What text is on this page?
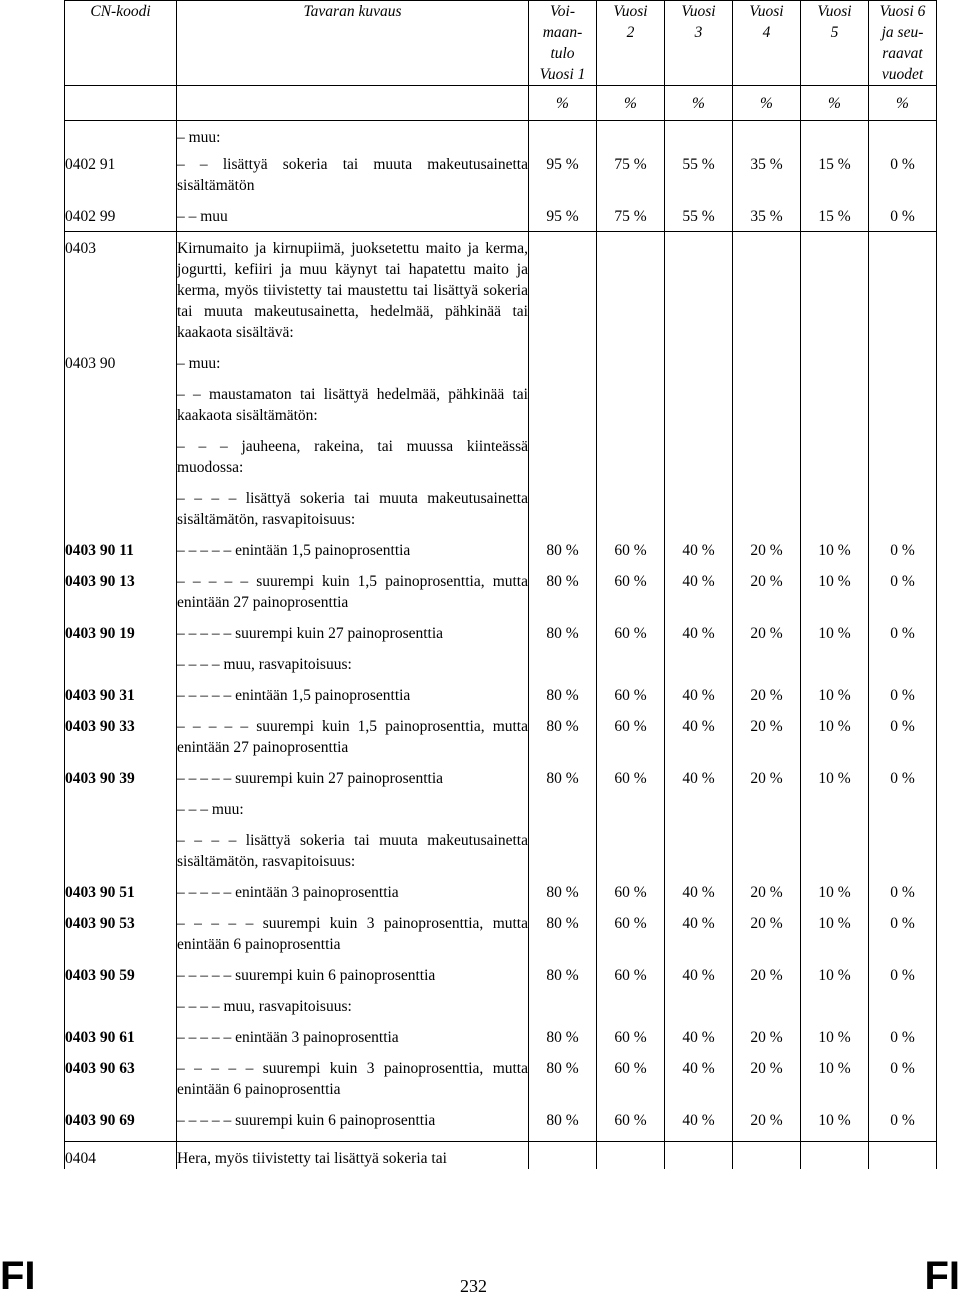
CN-koodi	Tavaran kuvaus	Voi-maan-tulo Vuosi 1	Vuosi 2	Vuosi 3	Vuosi 4	Vuosi 5	Vuosi 6 ja seu-raavat vuodet
		%	%	%	%	%	%
	– muu:						
0402 91	– – lisättyä sokeria tai muuta makeutusainetta sisältämätön	95 %	75 %	55 %	35 %	15 %	0 %
0402 99	– – muu	95 %	75 %	55 %	35 %	15 %	0 %
0403	Kirnumaito ja kirnupiimä, juoksetettu maito ja kerma, jogurtti, kefiiri ja muu käynyt tai hapatettu maito ja kerma, myös tiivistetty tai maustettu tai lisättyä sokeria tai muuta makeutusainetta, hedelmää, pähkinää tai kaakaota sisältävä:						
0403 90	– muu:						
	– – maustamaton tai lisättyä hedelmää, pähkinää tai kaakaota sisältämätön:						
	– – – jauheena, rakeina, tai muussa kiinteässä muodossa:						
	– – – – lisättyä sokeria tai muuta makeutusainetta sisältämätön, rasvapitoisuus:						
0403 90 11	– – – – – enintään 1,5 painoprosenttia	80 %	60 %	40 %	20 %	10 %	0 %
0403 90 13	– – – – – suurempi kuin 1,5 painoprosenttia, mutta enintään 27 painoprosenttia	80 %	60 %	40 %	20 %	10 %	0 %
0403 90 19	– – – – – suurempi kuin 27 painoprosenttia	80 %	60 %	40 %	20 %	10 %	0 %
	– – – – muu, rasvapitoisuus:						
0403 90 31	– – – – – enintään 1,5 painoprosenttia	80 %	60 %	40 %	20 %	10 %	0 %
0403 90 33	– – – – – suurempi kuin 1,5 painoprosenttia, mutta enintään 27 painoprosenttia	80 %	60 %	40 %	20 %	10 %	0 %
0403 90 39	– – – – – suurempi kuin 27 painoprosenttia	80 %	60 %	40 %	20 %	10 %	0 %
	– – – muu:						
	– – – – lisättyä sokeria tai muuta makeutusainetta sisältämätön, rasvapitoisuus:						
0403 90 51	– – – – – enintään 3 painoprosenttia	80 %	60 %	40 %	20 %	10 %	0 %
0403 90 53	– – – – – suurempi kuin 3 painoprosenttia, mutta enintään 6 painoprosenttia	80 %	60 %	40 %	20 %	10 %	0 %
0403 90 59	– – – – – suurempi kuin 6 painoprosenttia	80 %	60 %	40 %	20 %	10 %	0 %
	– – – – muu, rasvapitoisuus:						
0403 90 61	– – – – – enintään 3 painoprosenttia	80 %	60 %	40 %	20 %	10 %	0 %
0403 90 63	– – – – – suurempi kuin 3 painoprosenttia, mutta enintään 6 painoprosenttia	80 %	60 %	40 %	20 %	10 %	0 %
0403 90 69	– – – – – suurempi kuin 6 painoprosenttia	80 %	60 %	40 %	20 %	10 %	0 %
0404	Hera, myös tiivistetty tai lisättyä sokeria tai						
FI	232	FI
